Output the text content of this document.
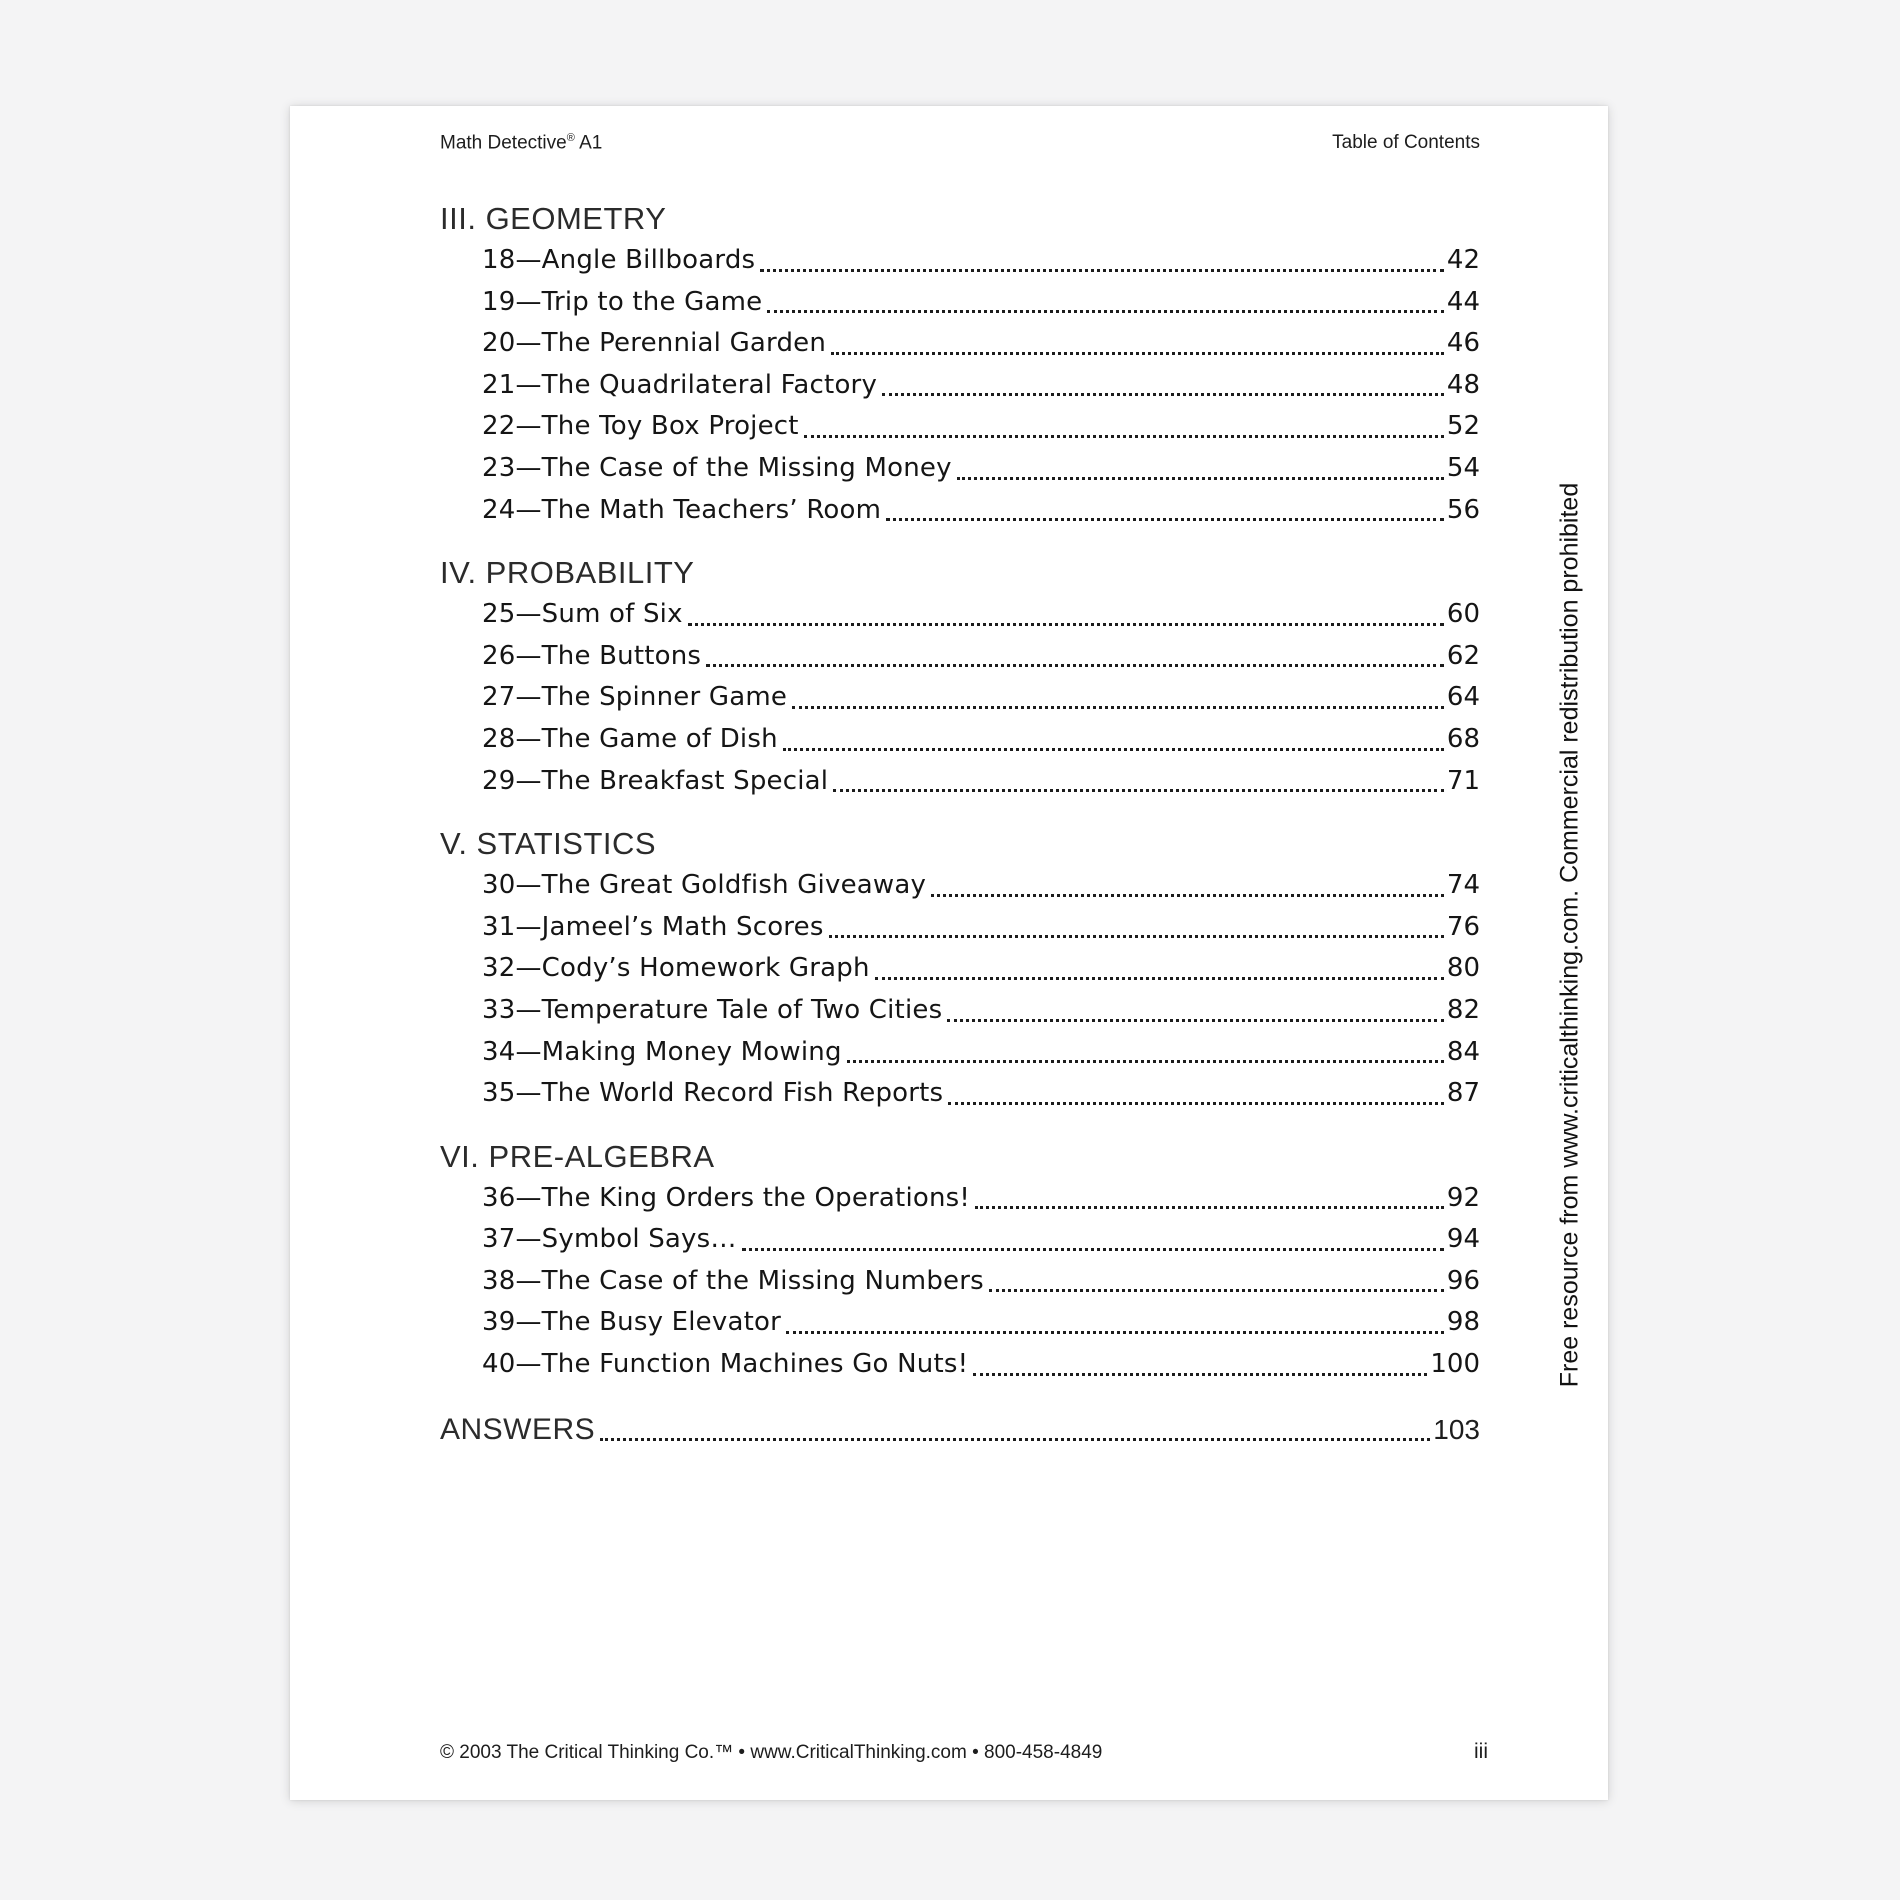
Math Detective® A1	Table of Contents
III. GEOMETRY
18—Angle Billboards	42
19—Trip to the Game	44
20—The Perennial Garden	46
21—The Quadrilateral Factory	48
22—The Toy Box Project	52
23—The Case of the Missing Money	54
24—The Math Teachers’ Room	56
IV. PROBABILITY
25—Sum of Six	60
26—The Buttons	62
27—The Spinner Game	64
28—The Game of Dish	68
29—The Breakfast Special	71
V. STATISTICS
30—The Great Goldfish Giveaway	74
31—Jameel’s Math Scores	76
32—Cody’s Homework Graph	80
33—Temperature Tale of Two Cities	82
34—Making Money Mowing	84
35—The World Record Fish Reports	87
VI. PRE-ALGEBRA
36—The King Orders the Operations!	92
37—Symbol Says…	94
38—The Case of the Missing Numbers	96
39—The Busy Elevator	98
40—The Function Machines Go Nuts!	100
ANSWERS	103
Free resource from www.criticalthinking.com. Commercial redistribution prohibited
© 2003 The Critical Thinking Co.™ • www.CriticalThinking.com • 800-458-4849	iii
